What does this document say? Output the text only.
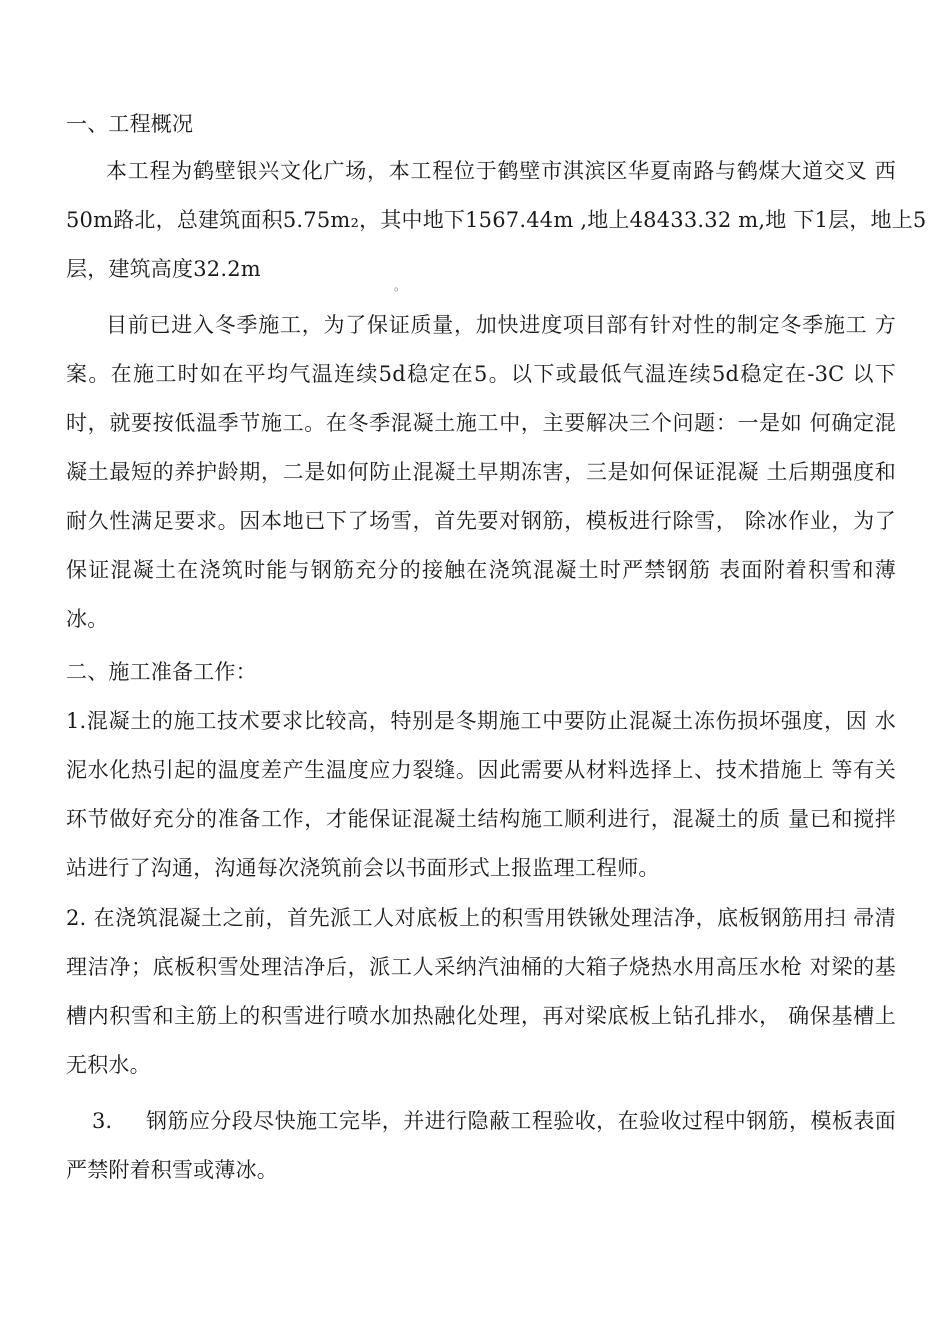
一、工程概况
本工程为鹤壁银兴文化广场，本工程位于鹤壁市淇滨区华夏南路与鹤煤大道交叉 西
50m路北，总建筑面积5.75m₂，其中地下1567.44m ,地上48433.32 m,地 下1层，地上5
层，建筑高度32.2m
。
目前已进入冬季施工，为了保证质量，加快进度项目部有针对性的制定冬季施工 方
案。在施工时如在平均气温连续5d稳定在5。以下或最低气温连续5d稳定在-3C 以下
时，就要按低温季节施工。在冬季混凝土施工中，主要解决三个问题：一是如 何确定混
凝土最短的养护龄期，二是如何防止混凝土早期冻害，三是如何保证混凝 土后期强度和
耐久性满足要求。因本地已下了场雪，首先要对钢筋，模板进行除雪， 除冰作业，为了
保证混凝土在浇筑时能与钢筋充分的接触在浇筑混凝土时严禁钢筋 表面附着积雪和薄
冰。
二、施工准备工作：
1.混凝土的施工技术要求比较高，特别是冬期施工中要防止混凝土冻伤损坏强度，因 水
泥水化热引起的温度差产生温度应力裂缝。因此需要从材料选择上、技术措施上 等有关
环节做好充分的准备工作，才能保证混凝土结构施工顺利进行，混凝土的质 量已和搅拌
站进行了沟通，沟通每次浇筑前会以书面形式上报监理工程师。
2. 在浇筑混凝土之前，首先派工人对底板上的积雪用铁锹处理洁净，底板钢筋用扫 帚清
理洁净；底板积雪处理洁净后，派工人采纳汽油桶的大箱子烧热水用高压水枪 对梁的基
槽内积雪和主筋上的积雪进行喷水加热融化处理，再对梁底板上钻孔排水， 确保基槽上
无积水。
3. 钢筋应分段尽快施工完毕，并进行隐蔽工程验收，在验收过程中钢筋，模板表面
严禁附着积雪或薄冰。
